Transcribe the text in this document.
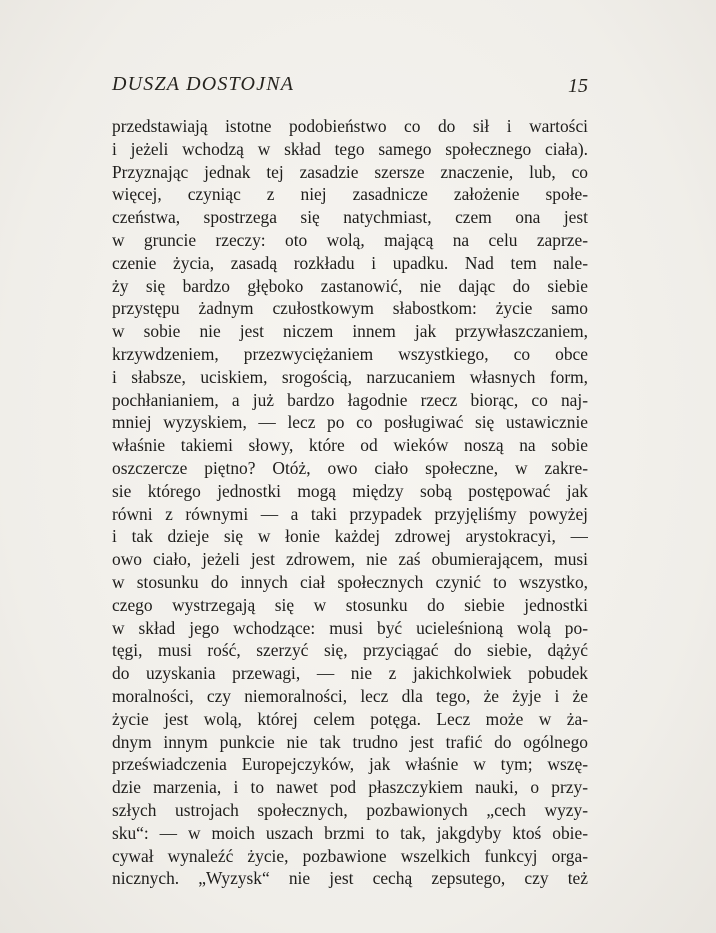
DUSZA DOSTOJNA	15
przedstawiają istotne podobieństwo co do sił i wartości
i jeżeli wchodzą w skład tego samego społecznego ciała).
Przyznając jednak tej zasadzie szersze znaczenie, lub, co
więcej, czyniąc z niej zasadnicze założenie społe-
czeństwa, spostrzega się natychmiast, czem ona jest
w gruncie rzeczy: oto wolą, mającą na celu zaprze-
czenie życia, zasadą rozkładu i upadku. Nad tem nale-
ży się bardzo głęboko zastanowić, nie dając do siebie
przystępu żadnym czułostkowym słabostkom: życie samo
w sobie nie jest niczem innem jak przywłaszczaniem,
krzywdzeniem, przezwyciężaniem wszystkiego, co obce
i słabsze, uciskiem, srogością, narzucaniem własnych form,
pochłanianiem, a już bardzo łagodnie rzecz biorąc, co naj-
mniej wyzyskiem, — lecz po co posługiwać się ustawicznie
właśnie takiemi słowy, które od wieków noszą na sobie
oszczercze piętno? Otóż, owo ciało społeczne, w zakre-
sie którego jednostki mogą między sobą postępować jak
równi z równymi — a taki przypadek przyjęliśmy powyżej
i tak dzieje się w łonie każdej zdrowej arystokracyi, —
owo ciało, jeżeli jest zdrowem, nie zaś obumierającem, musi
w stosunku do innych ciał społecznych czynić to wszystko,
czego wystrzegają się w stosunku do siebie jednostki
w skład jego wchodzące: musi być ucieleśnioną wolą po-
tęgi, musi rość, szerzyć się, przyciągać do siebie, dążyć
do uzyskania przewagi, — nie z jakichkolwiek pobudek
moralności, czy niemoralności, lecz dla tego, że żyje i że
życie jest wolą, której celem potęga. Lecz może w ża-
dnym innym punkcie nie tak trudno jest trafić do ogólnego
przeświadczenia Europejczyków, jak właśnie w tym; wszę-
dzie marzenia, i to nawet pod płaszczykiem nauki, o przy-
szłych ustrojach społecznych, pozbawionych „cech wyzy-
sku“: — w moich uszach brzmi to tak, jakgdyby ktoś obie-
cywał wynaleźć życie, pozbawione wszelkich funkcyj orga-
nicznych. „Wyzysk“ nie jest cechą zepsutego, czy też
